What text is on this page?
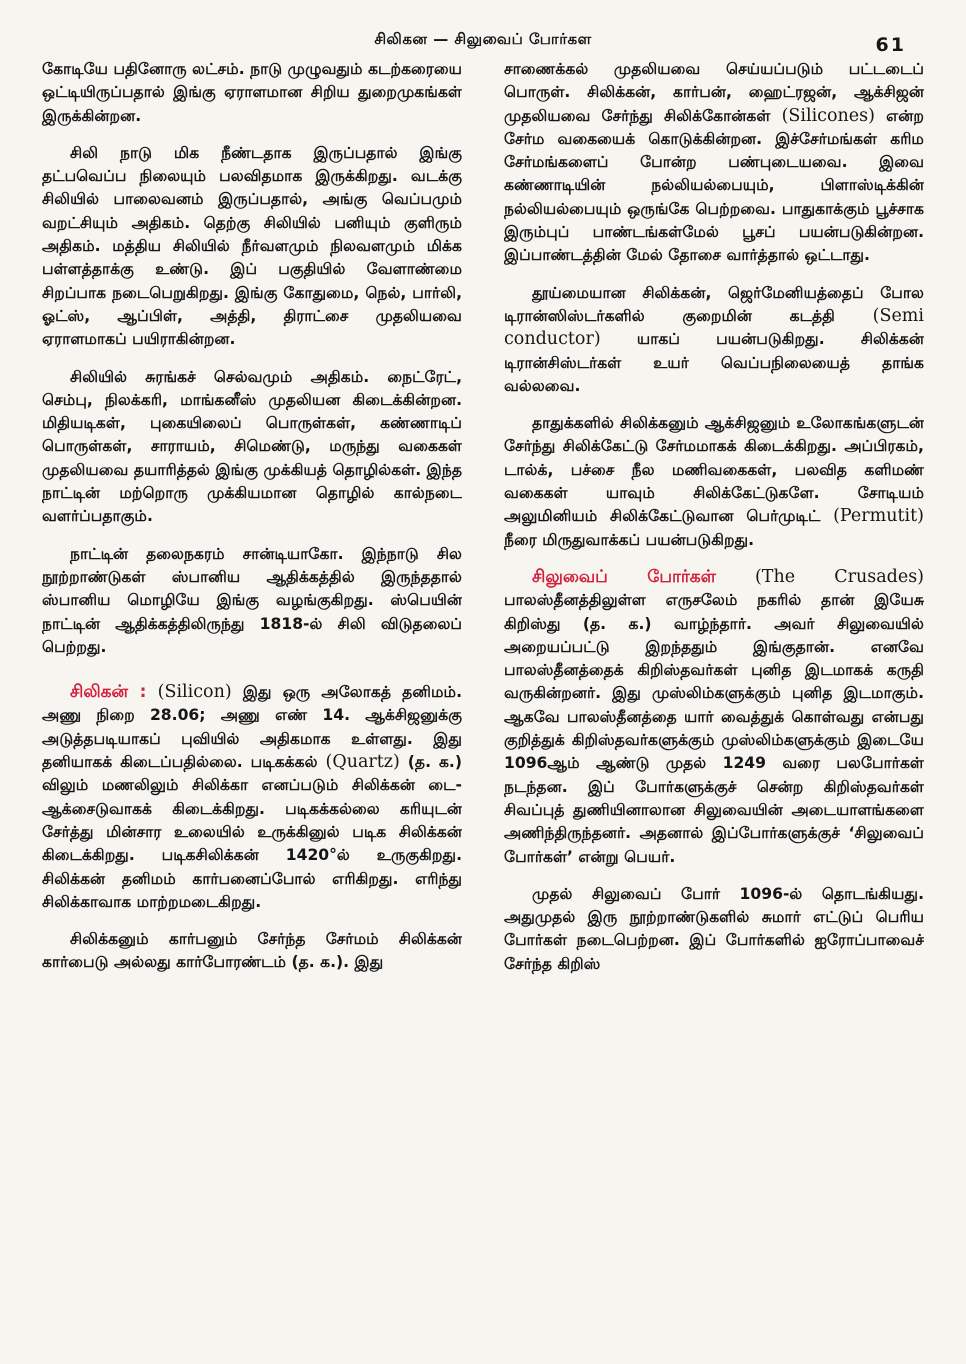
சிலிகன — சிலுவைப் போர்கள	61

கோடியே பதினோரு லட்சம். நாடு முழுவதும் கடற்கரையை ஒட்டியிருப்பதால் இங்கு ஏராளமான சிறிய துறைமுகங்கள் இருக்கின்றன.

சிலி நாடு மிக நீண்டதாக இருப்பதால் இங்கு தட்பவெப்ப நிலையும் பலவிதமாக இருக்கிறது. வடக்கு சிலியில் பாலைவனம் இருப்பதால், அங்கு வெப்பமும் வறட்சியும் அதிகம். தெற்கு சிலியில் பனியும் குளிரும் அதிகம். மத்திய சிலியில் நீர்வளமும் நிலவளமும் மிக்க பள்ளத்தாக்கு உண்டு. இப் பகுதியில் வேளாண்மை சிறப்பாக நடைபெறுகிறது. இங்கு கோதுமை, நெல், பார்லி, ஓட்ஸ், ஆப்பிள், அத்தி, திராட்சை முதலியவை ஏராளமாகப் பயிராகின்றன.

சிலியில் சுரங்கச் செல்வமும் அதிகம். நைட்ரேட், செம்பு, நிலக்கரி, மாங்கனீஸ் முதலியன கிடைக்கின்றன. மிதியடிகள், புகையிலைப் பொருள்கள், கண்ணாடிப் பொருள்கள், சாராயம், சிமெண்டு, மருந்து வகைகள் முதலியவை தயாரித்தல் இங்கு முக்கியத் தொழில்கள். இந்த நாட்டின் மற்றொரு முக்கியமான தொழில் கால்நடை வளர்ப்பதாகும்.

நாட்டின் தலைநகரம் சான்டியாகோ. இந்நாடு சில நூற்றாண்டுகள் ஸ்பானிய ஆதிக்கத்தில் இருந்ததால் ஸ்பானிய மொழியே இங்கு வழங்குகிறது. ஸ்பெயின் நாட்டின் ஆதிக்கத்திலிருந்து 1818-ல் சிலி விடுதலைப் பெற்றது.

சிலிகன் : (Silicon) இது ஒரு அலோகத் தனிமம். அணு நிறை 28.06; அணு எண் 14. ஆக்சிஜனுக்கு அடுத்தபடியாகப் புவியில் அதிகமாக உள்ளது. இது தனியாகக் கிடைப்பதில்லை. படிகக்கல் (Quartz) (த. க.) விலும் மணலிலும் சிலிக்கா எனப்படும் சிலிக்கன் டை-ஆக்சைடுவாகக் கிடைக்கிறது. படிகக்கல்லை கரியுடன் சேர்த்து மின்சார உலையில் உருக்கினுல் படிக சிலிக்கன் கிடைக்கிறது. படிகசிலிக்கன் 1420°ல் உருகுகிறது. சிலிக்கன் தனிமம் கார்பனைப்போல் எரிகிறது. எரிந்து சிலிக்காவாக மாற்றமடைகிறது.

சிலிக்கனும் கார்பனும் சேர்ந்த சேர்மம் சிலிக்கன் கார்பைடு அல்லது கார்போரண்டம் (த. க.). இது

சாணைக்கல் முதலியவை செய்யப்படும் பட்டடைப் பொருள். சிலிக்கன், கார்பன், ஹைட்ரஜன், ஆக்சிஜன் முதலியவை சேர்ந்து சிலிக்கோன்கள் (Silicones) என்ற சேர்ம வகையைக் கொடுக்கின்றன. இச்சேர்மங்கள் கரிம சேர்மங்களைப் போன்ற பண்புடையவை. இவை கண்ணாடியின் நல்லியல்பையும், பிளாஸ்டிக்கின் நல்லியல்பையும் ஒருங்கே பெற்றவை. பாதுகாக்கும் பூச்சாக இரும்புப் பாண்டங்கள்மேல் பூசப் பயன்படுகின்றன. இப்பாண்டத்தின் மேல் தோசை வார்த்தால் ஒட்டாது.

தூய்மையான சிலிக்கன், ஜெர்மேனியத்தைப் போல டிரான்ஸிஸ்டர்களில் குறைமின் கடத்தி (Semi conductor) யாகப் பயன்படுகிறது. சிலிக்கன் டிரான்சிஸ்டர்கள் உயர் வெப்பநிலையைத் தாங்க வல்லவை.

தாதுக்களில் சிலிக்கனும் ஆக்சிஜனும் உலோகங்களுடன் சேர்ந்து சிலிக்கேட்டு சேர்மமாகக் கிடைக்கிறது. அப்பிரகம், டால்க், பச்சை நீல மணிவகைகள், பலவித களிமண் வகைகள் யாவும் சிலிக்கேட்டுகளே. சோடியம் அலுமினியம் சிலிக்கேட்டுவான பெர்முடிட் (Permutit) நீரை மிருதுவாக்கப் பயன்படுகிறது.

சிலுவைப் போர்கள் (The Crusades) பாலஸ்தீனத்திலுள்ள எருசலேம் நகரில் தான் இயேசு கிறிஸ்து (த. க.) வாழ்ந்தார். அவர் சிலுவையில் அறையப்பட்டு இறந்ததும் இங்குதான். எனவே பாலஸ்தீனத்தைக் கிறிஸ்தவர்கள் புனித இடமாகக் கருதி வருகின்றனர். இது முஸ்லிம்களுக்கும் புனித இடமாகும். ஆகவே பாலஸ்தீனத்தை யார் வைத்துக் கொள்வது என்பது குறித்துக் கிறிஸ்தவர்களுக்கும் முஸ்லிம்களுக்கும் இடையே 1096ஆம் ஆண்டு முதல் 1249 வரை பலபோர்கள் நடந்தன. இப் போர்களுக்குச் சென்ற கிறிஸ்தவர்கள் சிவப்புத் துணியினாலான சிலுவையின் அடையாளங்களை அணிந்திருந்தனர். அதனால் இப்போர்களுக்குச் ‘சிலுவைப் போர்கள்’ என்று பெயர்.

முதல் சிலுவைப் போர் 1096-ல் தொடங்கியது. அதுமுதல் இரு நூற்றாண்டுகளில் சுமார் எட்டுப் பெரிய போர்கள் நடைபெற்றன. இப் போர்களில் ஐரோப்பாவைச் சேர்ந்த கிறிஸ்
